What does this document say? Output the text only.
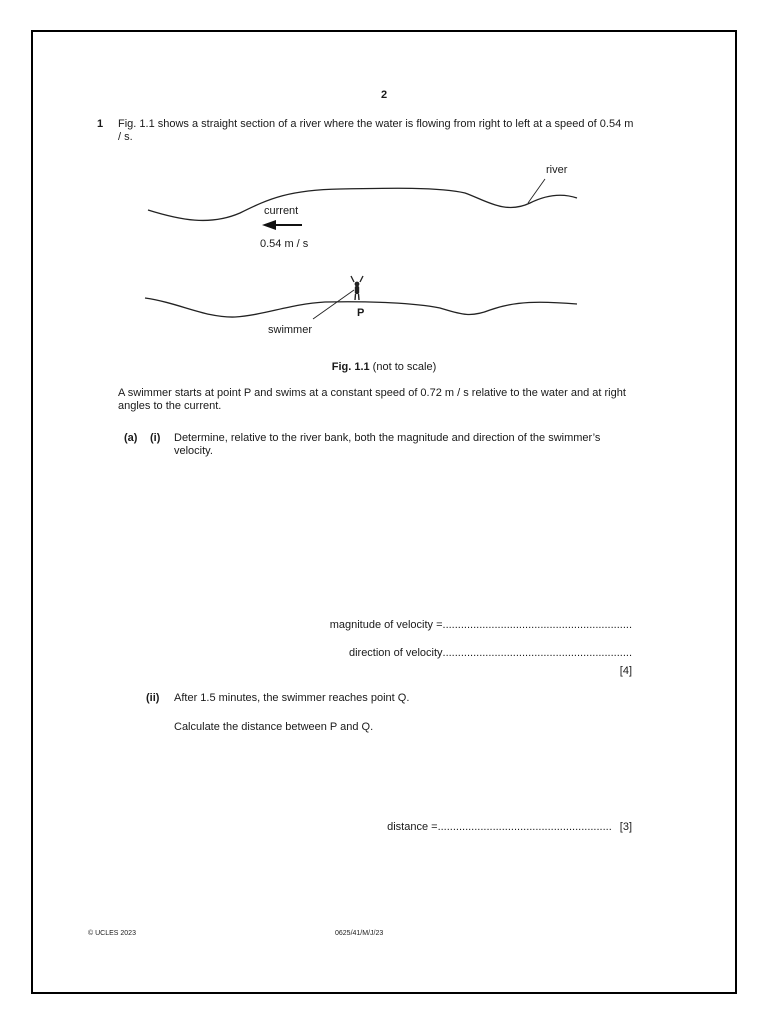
2
1 Fig. 1.1 shows a straight section of a river where the water is flowing from right to left at a speed of 0.54 m / s.
river
current
0.54 m / s
swimmer
P
Fig. 1.1 (not to scale)
A swimmer starts at point P and swims at a constant speed of 0.72 m / s relative to the water and at right angles to the current.
(a) (i) Determine, relative to the river bank, both the magnitude and direction of the swimmer’s velocity.
magnitude of velocity = ..............................................................
direction of velocity ..............................................................
[4]
(ii) After 1.5 minutes, the swimmer reaches point Q.
Calculate the distance between P and Q.
distance = ......................................................... [3]
© UCLES 2023	0625/41/M/J/23
